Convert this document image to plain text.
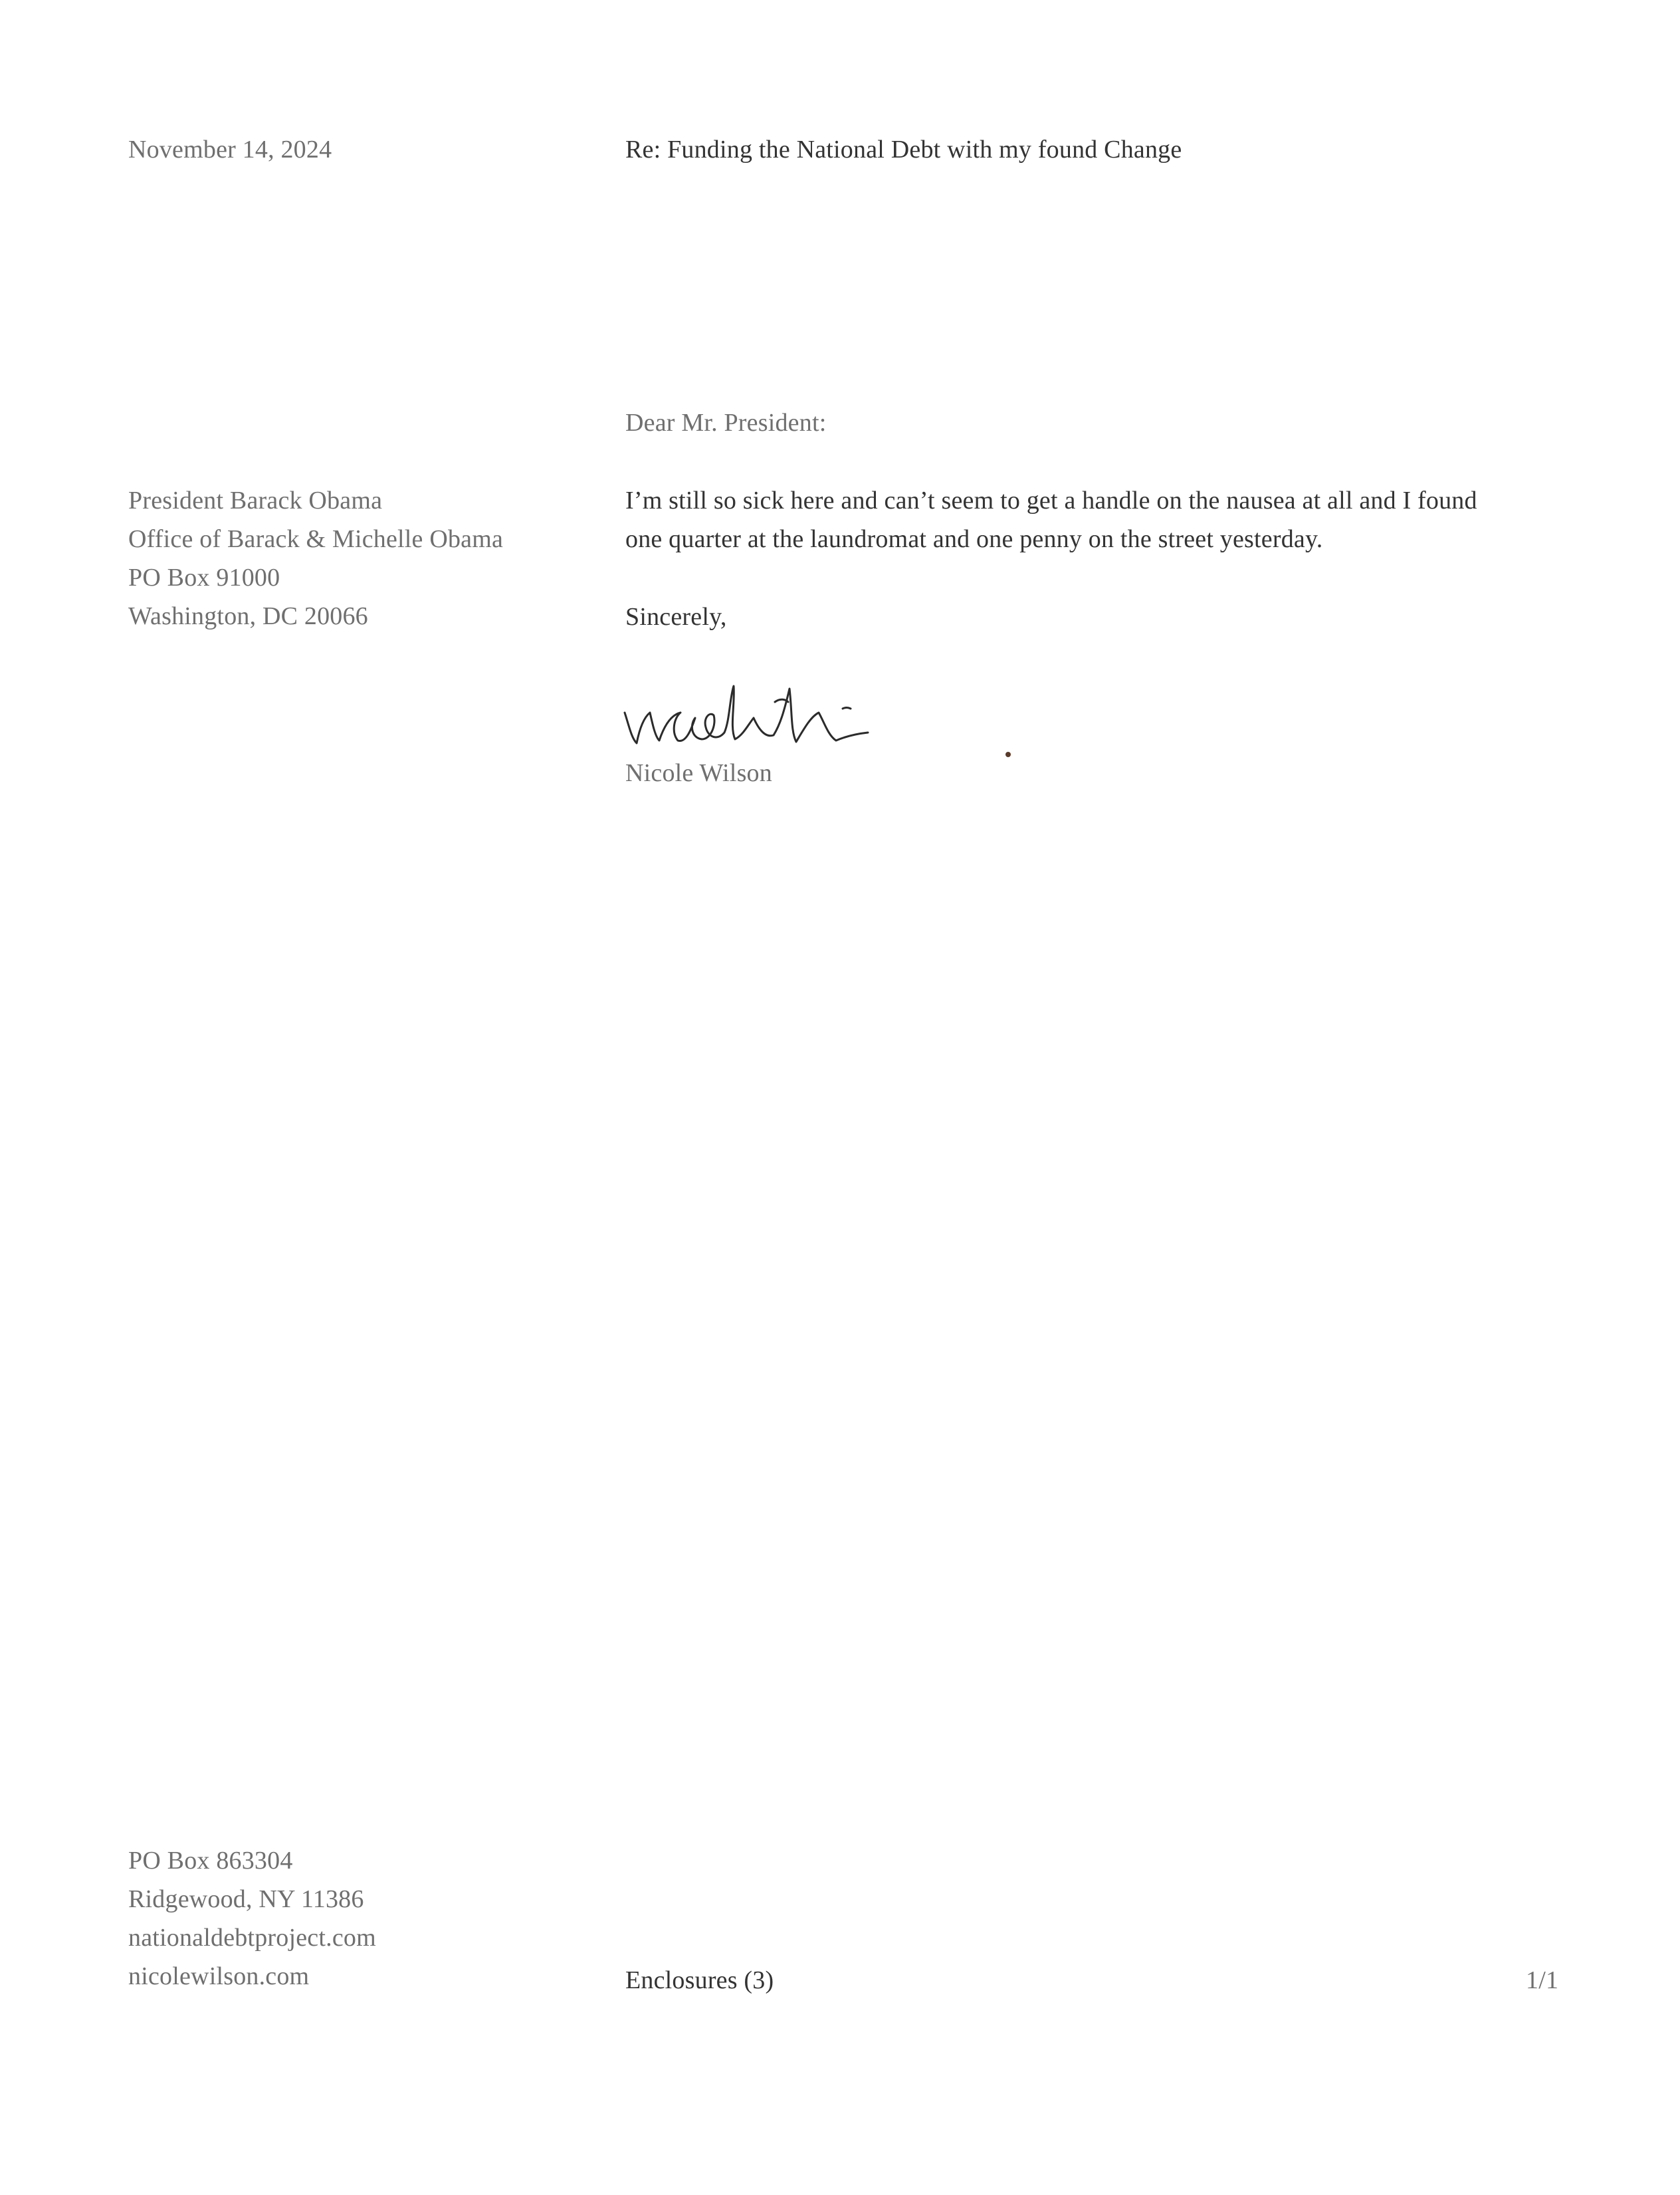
November 14, 2024	Re: Funding the National Debt with my found Change
Dear Mr. President:
President Barack Obama
Office of Barack & Michelle Obama
PO Box 91000
Washington, DC 20066
I’m still so sick here and can’t seem to get a handle on the nausea at all and I found
one quarter at the laundromat and one penny on the street yesterday.
Sincerely,
Nicole Wilson
PO Box 863304
Ridgewood, NY 11386
nationaldebtproject.com
nicolewilson.com	Enclosures (3)	1/1
